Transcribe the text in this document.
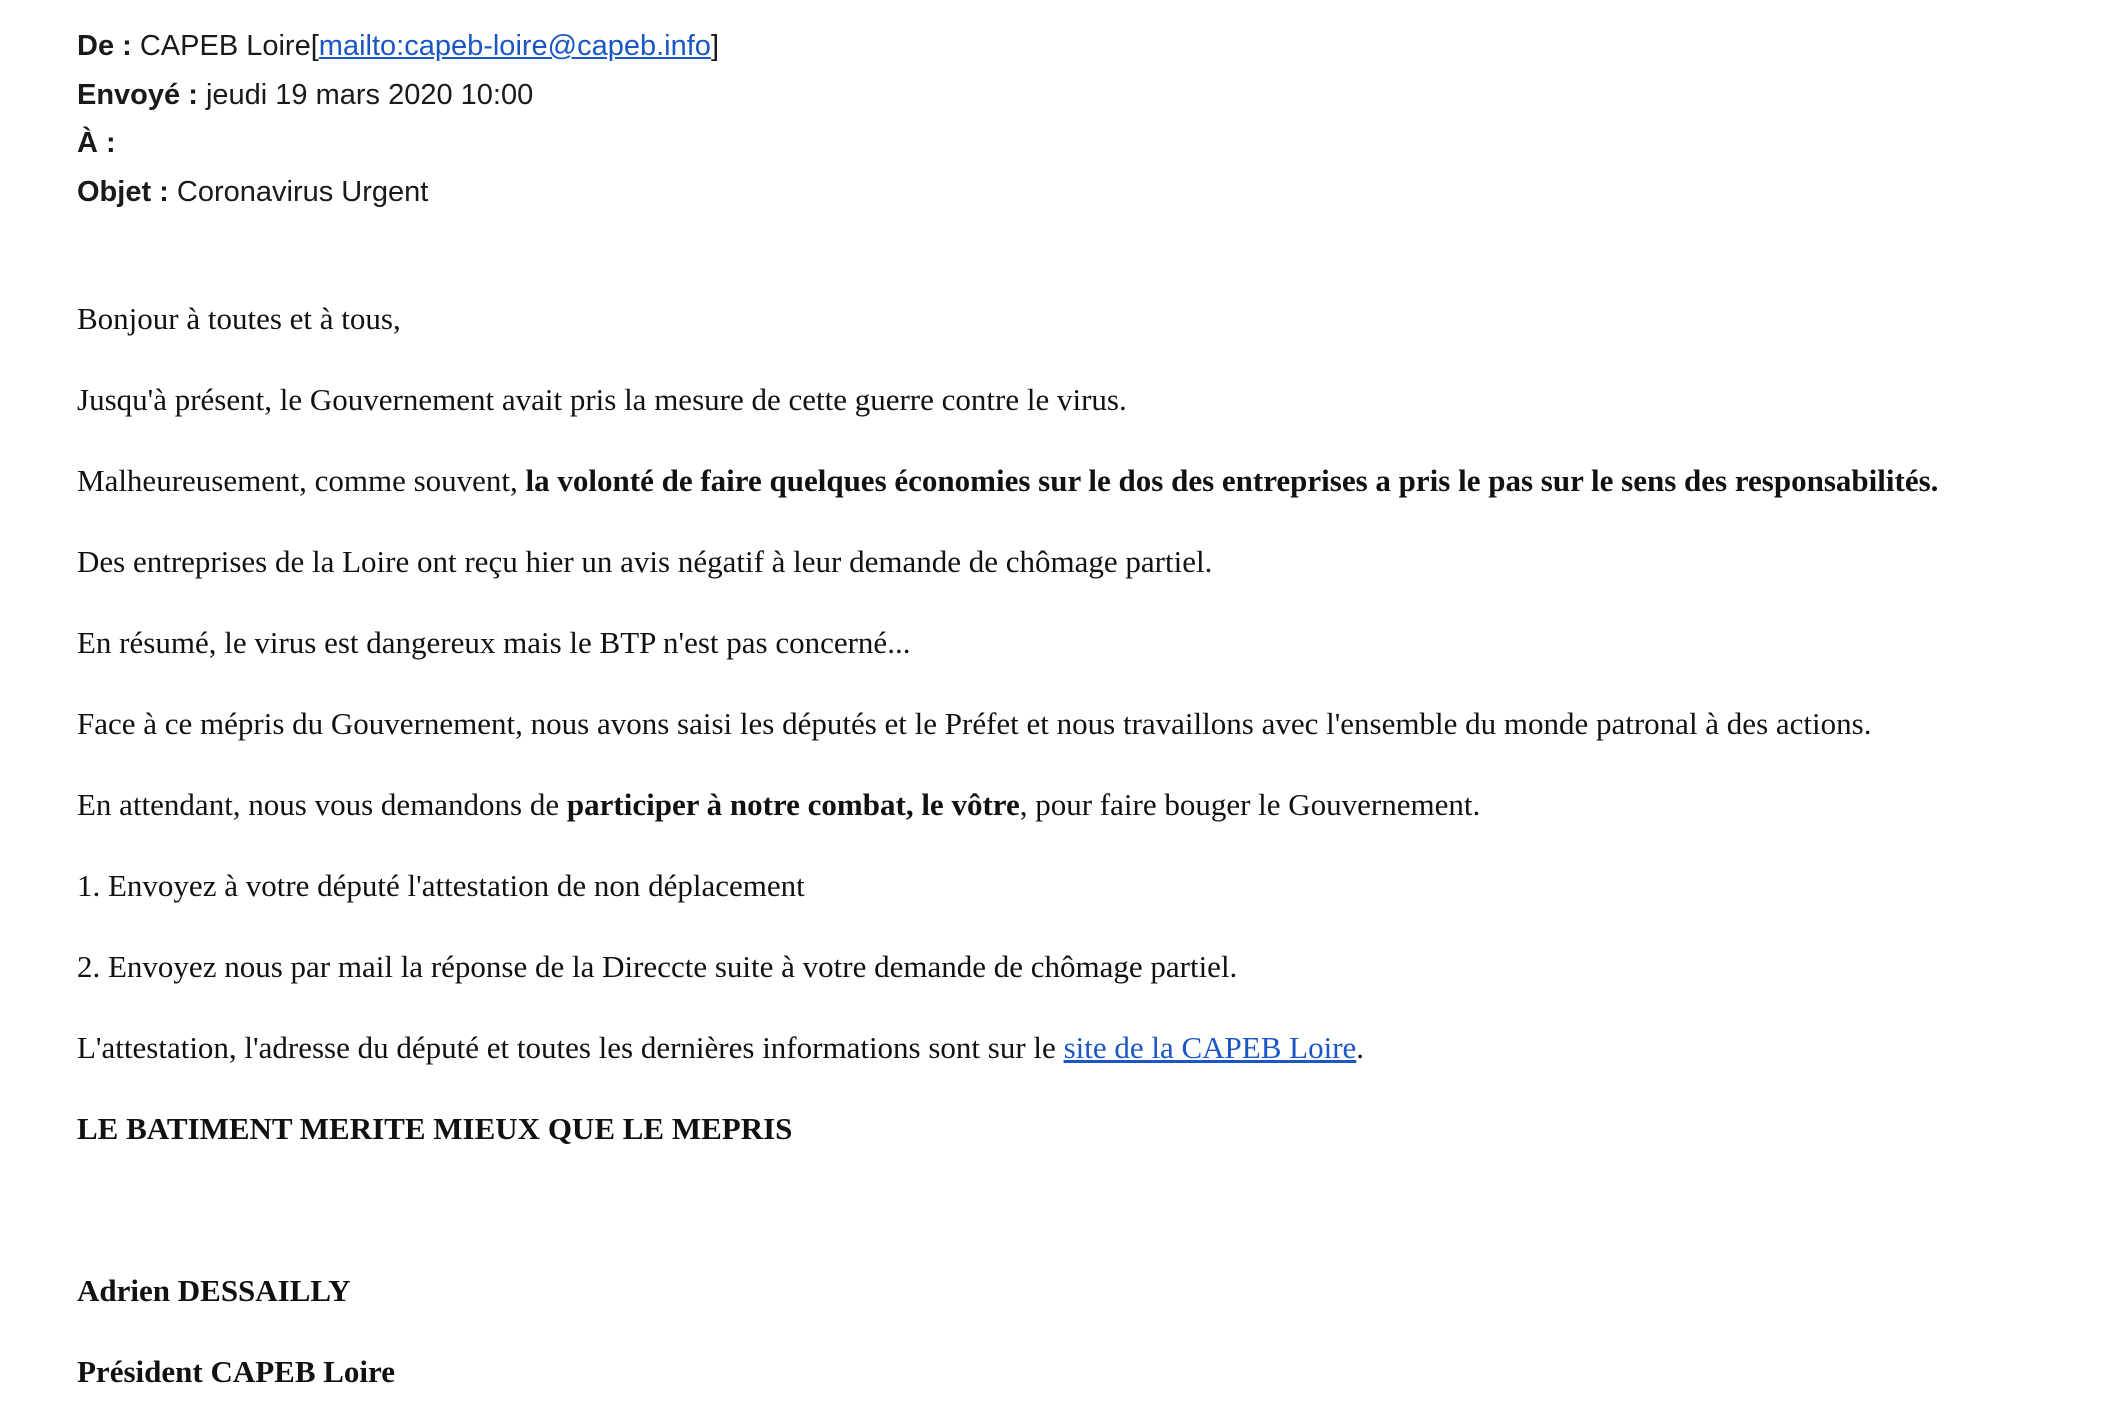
De : CAPEB Loire[mailto:capeb-loire@capeb.info]
Envoyé : jeudi 19 mars 2020 10:00
À :
Objet : Coronavirus Urgent

Bonjour à toutes et à tous,

Jusqu'à présent, le Gouvernement avait pris la mesure de cette guerre contre le virus.

Malheureusement, comme souvent, la volonté de faire quelques économies sur le dos des entreprises a pris le pas sur le sens des responsabilités.

Des entreprises de la Loire ont reçu hier un avis négatif à leur demande de chômage partiel.

En résumé, le virus est dangereux mais le BTP n'est pas concerné...

Face à ce mépris du Gouvernement, nous avons saisi les députés et le Préfet et nous travaillons avec l'ensemble du monde patronal à des actions.

En attendant, nous vous demandons de participer à notre combat, le vôtre, pour faire bouger le Gouvernement.

1. Envoyez à votre député l'attestation de non déplacement

2. Envoyez nous par mail la réponse de la Direccte suite à votre demande de chômage partiel.

L'attestation, l'adresse du député et toutes les dernières informations sont sur le site de la CAPEB Loire.

LE BATIMENT MERITE MIEUX QUE LE MEPRIS

Adrien DESSAILLY

Président CAPEB Loire
